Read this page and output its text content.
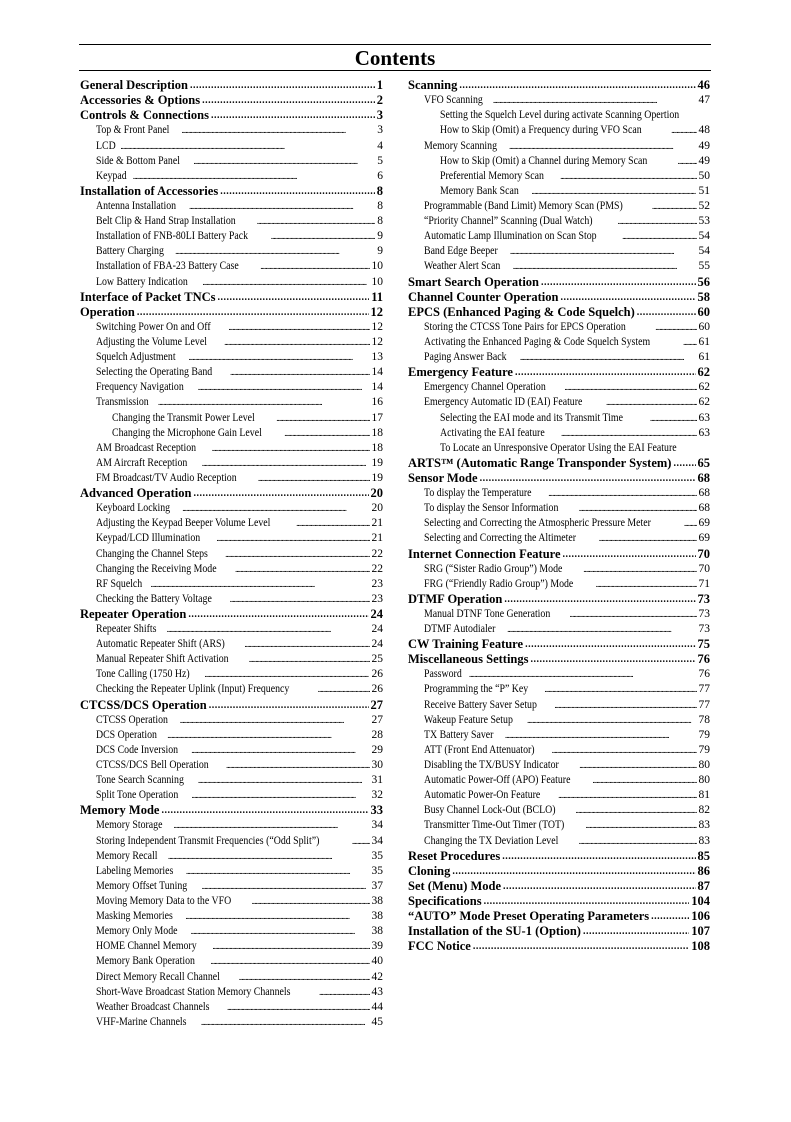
Contents
General Description . . .	1
Accessories & Options . . .	2
Controls & Connections . . .	3
Top & Front Panel . . .	3
LCD . . .	4
Side & Bottom Panel . . .	5
Keypad . . .	6
Installation of Accessories . . .	8
Antenna Installation . . .	8
Belt Clip & Hand Strap Installation . . .	8
Installation of FNB-80LI Battery Pack . . .	9
Battery Charging . . .	9
Installation of FBA-23 Battery Case . . .	10
Low Battery Indication . . .	10
Interface of Packet TNCs . . .	11
Operation . . .	12
Switching Power On and Off . . .	12
Adjusting the Volume Level . . .	12
Squelch Adjustment . . .	13
Selecting the Operating Band . . .	14
Frequency Navigation . . .	14
Transmission . . .	16
Changing the Transmit Power Level . . .	17
Changing the Microphone Gain Level . . .	18
AM Broadcast Reception . . .	18
AM Aircraft Reception . . .	19
FM Broadcast/TV Audio Reception . . .	19
Advanced Operation . . .	20
Keyboard Locking . . .	20
Adjusting the Keypad Beeper Volume Level . . .	21
Keypad/LCD Illumination . . .	21
Changing the Channel Steps . . .	22
Changing the Receiving Mode . . .	22
RF Squelch . . .	23
Checking the Battery Voltage . . .	23
Repeater Operation . . .	24
Repeater Shifts . . .	24
Automatic Repeater Shift (ARS) . . .	24
Manual Repeater Shift Activation . . .	25
Tone Calling (1750 Hz) . . .	26
Checking the Repeater Uplink (Input) Frequency . . .	26
CTCSS/DCS Operation . . .	27
CTCSS Operation . . .	27
DCS Operation . . .	28
DCS Code Inversion . . .	29
CTCSS/DCS Bell Operation . . .	30
Tone Search Scanning . . .	31
Split Tone Operation . . .	32
Memory Mode . . .	33
Memory Storage . . .	34
Storing Independent Transmit Frequencies (“Odd Split”) . . .	34
Memory Recall . . .	35
Labeling Memories . . .	35
Memory Offset Tuning . . .	37
Moving Memory Data to the VFO . . .	38
Masking Memories . . .	38
Memory Only Mode . . .	38
HOME Channel Memory . . .	39
Memory Bank Operation . . .	40
Direct Memory Recall Channel . . .	42
Short-Wave Broadcast Station Memory Channels . . .	43
Weather Broadcast Channels . . .	44
VHF-Marine Channels . . .	45
Scanning . . .	46
VFO Scanning . . .	47
Setting the Squelch Level during activate Scanning Opertion
How to Skip (Omit) a Frequency during VFO Scan . . .	48
Memory Scanning . . .	49
How to Skip (Omit) a Channel during Memory Scan . . .	49
Preferential Memory Scan . . .	50
Memory Bank Scan . . .	51
Programmable (Band Limit) Memory Scan (PMS) . . .	52
“Priority Channel” Scanning (Dual Watch) . . .	53
Automatic Lamp Illumination on Scan Stop . . .	54
Band Edge Beeper . . .	54
Weather Alert Scan . . .	55
Smart Search Operation . . .	56
Channel Counter Operation . . .	58
EPCS (Enhanced Paging & Code Squelch) . . .	60
Storing the CTCSS Tone Pairs for EPCS Operation . . .	60
Activating the Enhanced Paging & Code Squelch System . . .	61
Paging Answer Back . . .	61
Emergency Feature . . .	62
Emergency Channel Operation . . .	62
Emergency Automatic ID (EAI) Feature . . .	62
Selecting the EAI mode and its Transmit Time . . .	63
Activating the EAI feature . . .	63
To Locate an Unresponsive Operator Using the EAI Feature
ARTS™ (Automatic Range Transponder System) . . . 65
Sensor Mode . . .	68
To display the Temperature . . .	68
To display the Sensor Information . . .	68
Selecting and Correcting the Atmospheric Pressure Meter . . .	69
Selecting and Correcting the Altimeter . . .	69
Internet Connection Feature . . .	70
SRG (“Sister Radio Group”) Mode . . .	70
FRG (“Friendly Radio Group”) Mode . . .	71
DTMF Operation . . .	73
Manual DTNF Tone Generation . . .	73
DTMF Autodialer . . .	73
CW Training Feature . . .	75
Miscellaneous Settings . . .	76
Password . . .	76
Programming the “P” Key . . .	77
Receive Battery Saver Setup . . .	77
Wakeup Feature Setup . . .	78
TX Battery Saver . . .	79
ATT (Front End Attenuator) . . .	79
Disabling the TX/BUSY Indicator . . .	80
Automatic Power-Off (APO) Feature . . .	80
Automatic Power-On Feature . . .	81
Busy Channel Lock-Out (BCLO) . . .	82
Transmitter Time-Out Timer (TOT) . . .	83
Changing the TX Deviation Level . . .	83
Reset Procedures . . .	85
Cloning . . .	86
Set (Menu) Mode . . .	87
Specifications . . .	104
“AUTO” Mode Preset Operating Parameters . . .	106
Installation of the SU-1 (Option) . . .	107
FCC Notice . . .	108
